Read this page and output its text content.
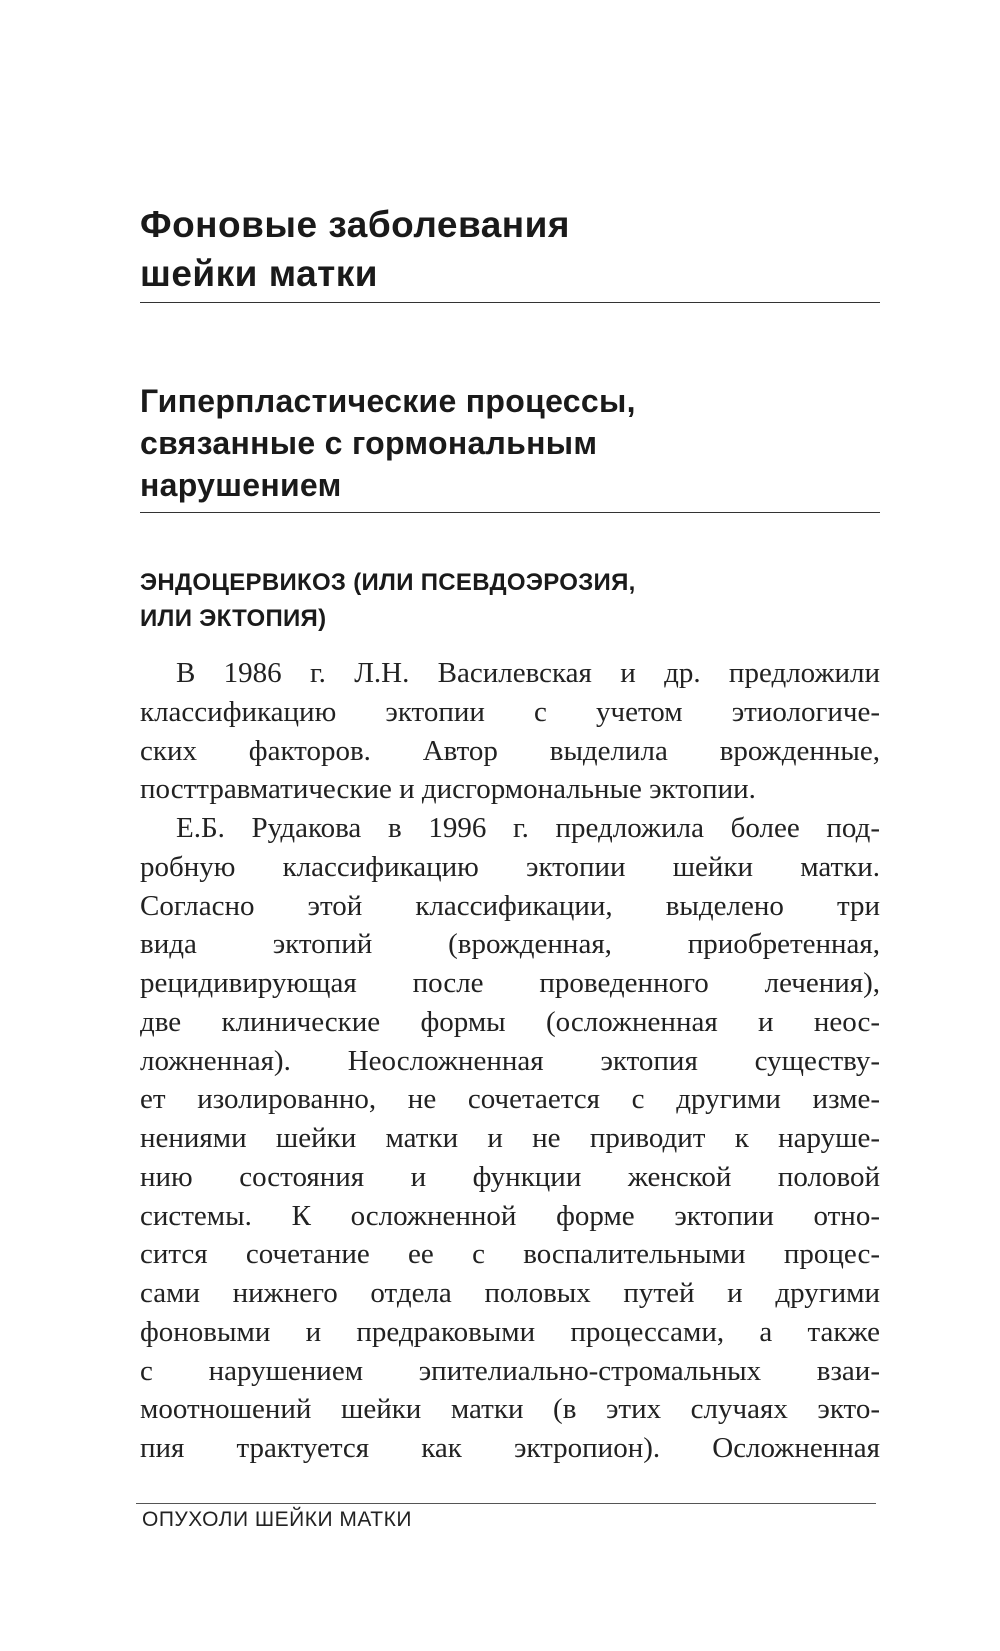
Фоновые заболевания
шейки матки
Гиперпластические процессы,
связанные с гормональным
нарушением
ЭНДОЦЕРВИКОЗ (ИЛИ ПСЕВДОЭРОЗИЯ,
ИЛИ ЭКТОПИЯ)
В 1986 г. Л.Н. Василевская и др. предложили
классификацию эктопии с учетом этиологиче-
ских факторов. Автор выделила врожденные,
посттравматические и дисгормональные эктопии.
Е.Б. Рудакова в 1996 г. предложила более под-
робную классификацию эктопии шейки матки.
Согласно этой классификации, выделено три
вида эктопий (врожденная, приобретенная,
рецидивирующая после проведенного лечения),
две клинические формы (осложненная и неос-
ложненная). Неосложненная эктопия существу-
ет изолированно, не сочетается с другими изме-
нениями шейки матки и не приводит к наруше-
нию состояния и функции женской половой
системы. К осложненной форме эктопии отно-
сится сочетание ее с воспалительными процес-
сами нижнего отдела половых путей и другими
фоновыми и предраковыми процессами, а также
с нарушением эпителиально-стромальных взаи-
моотношений шейки матки (в этих случаях экто-
пия трактуется как эктропион). Осложненная
ОПУХОЛИ ШЕЙКИ МАТКИ
